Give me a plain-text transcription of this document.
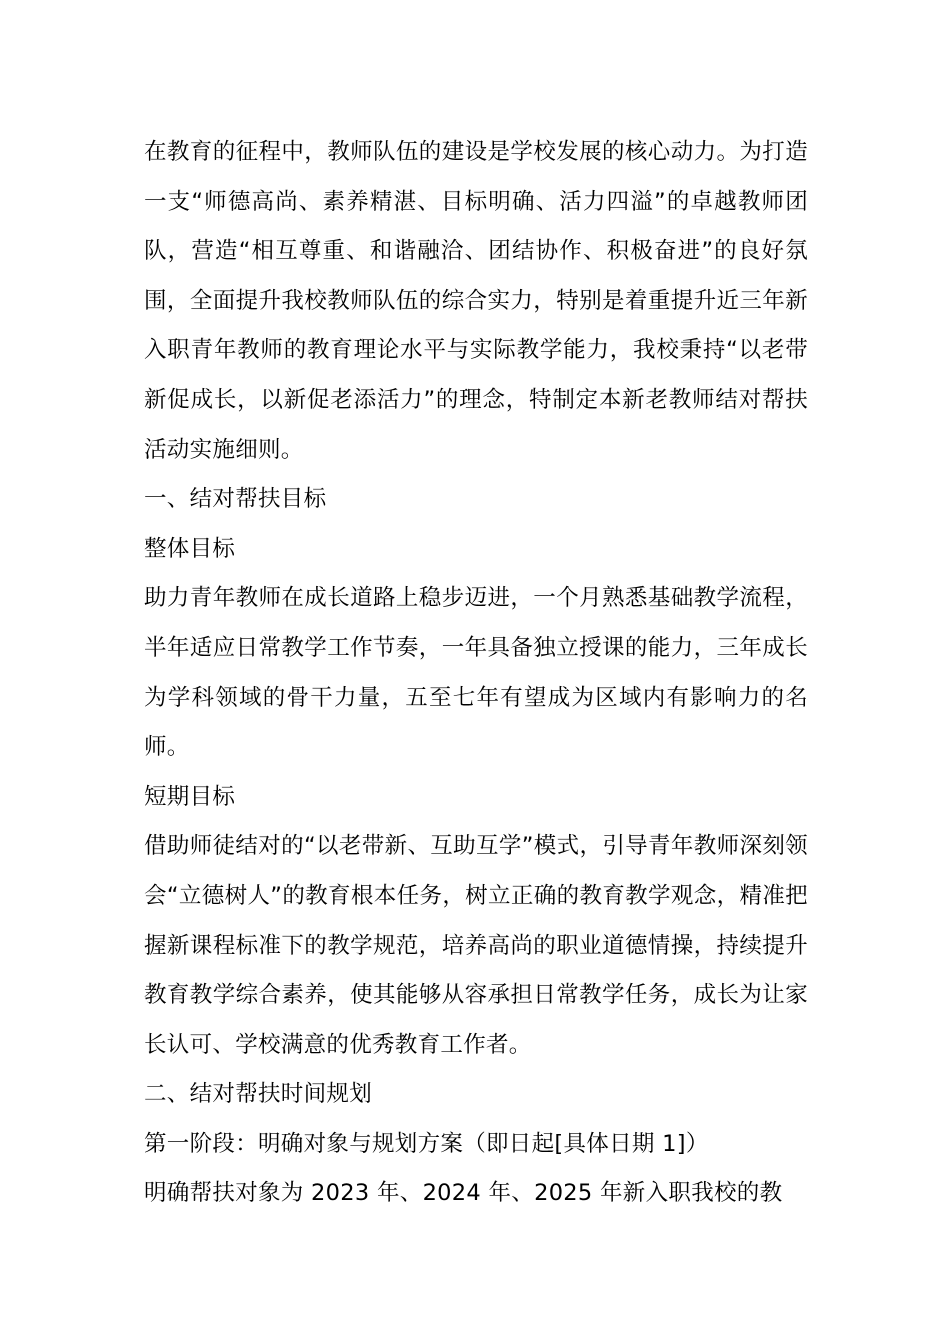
在教育的征程中，教师队伍的建设是学校发展的核心动力。为打造一支“师德高尚、素养精湛、目标明确、活力四溢”的卓越教师团队，营造“相互尊重、和谐融洽、团结协作、积极奋进”的良好氛围，全面提升我校教师队伍的综合实力，特别是着重提升近三年新入职青年教师的教育理论水平与实际教学能力，我校秉持“以老带新促成长，以新促老添活力”的理念，特制定本新老教师结对帮扶活动实施细则。

一、结对帮扶目标

整体目标

助力青年教师在成长道路上稳步迈进，一个月熟悉基础教学流程，半年适应日常教学工作节奏，一年具备独立授课的能力，三年成长为学科领域的骨干力量，五至七年有望成为区域内有影响力的名师。

短期目标

借助师徒结对的“以老带新、互助互学”模式，引导青年教师深刻领会“立德树人”的教育根本任务，树立正确的教育教学观念，精准把握新课程标准下的教学规范，培养高尚的职业道德情操，持续提升教育教学综合素养，使其能够从容承担日常教学任务，成长为让家长认可、学校满意的优秀教育工作者。

二、结对帮扶时间规划

第一阶段：明确对象与规划方案（即日起[具体日期 1]）

明确帮扶对象为 2023 年、2024 年、2025 年新入职我校的教
